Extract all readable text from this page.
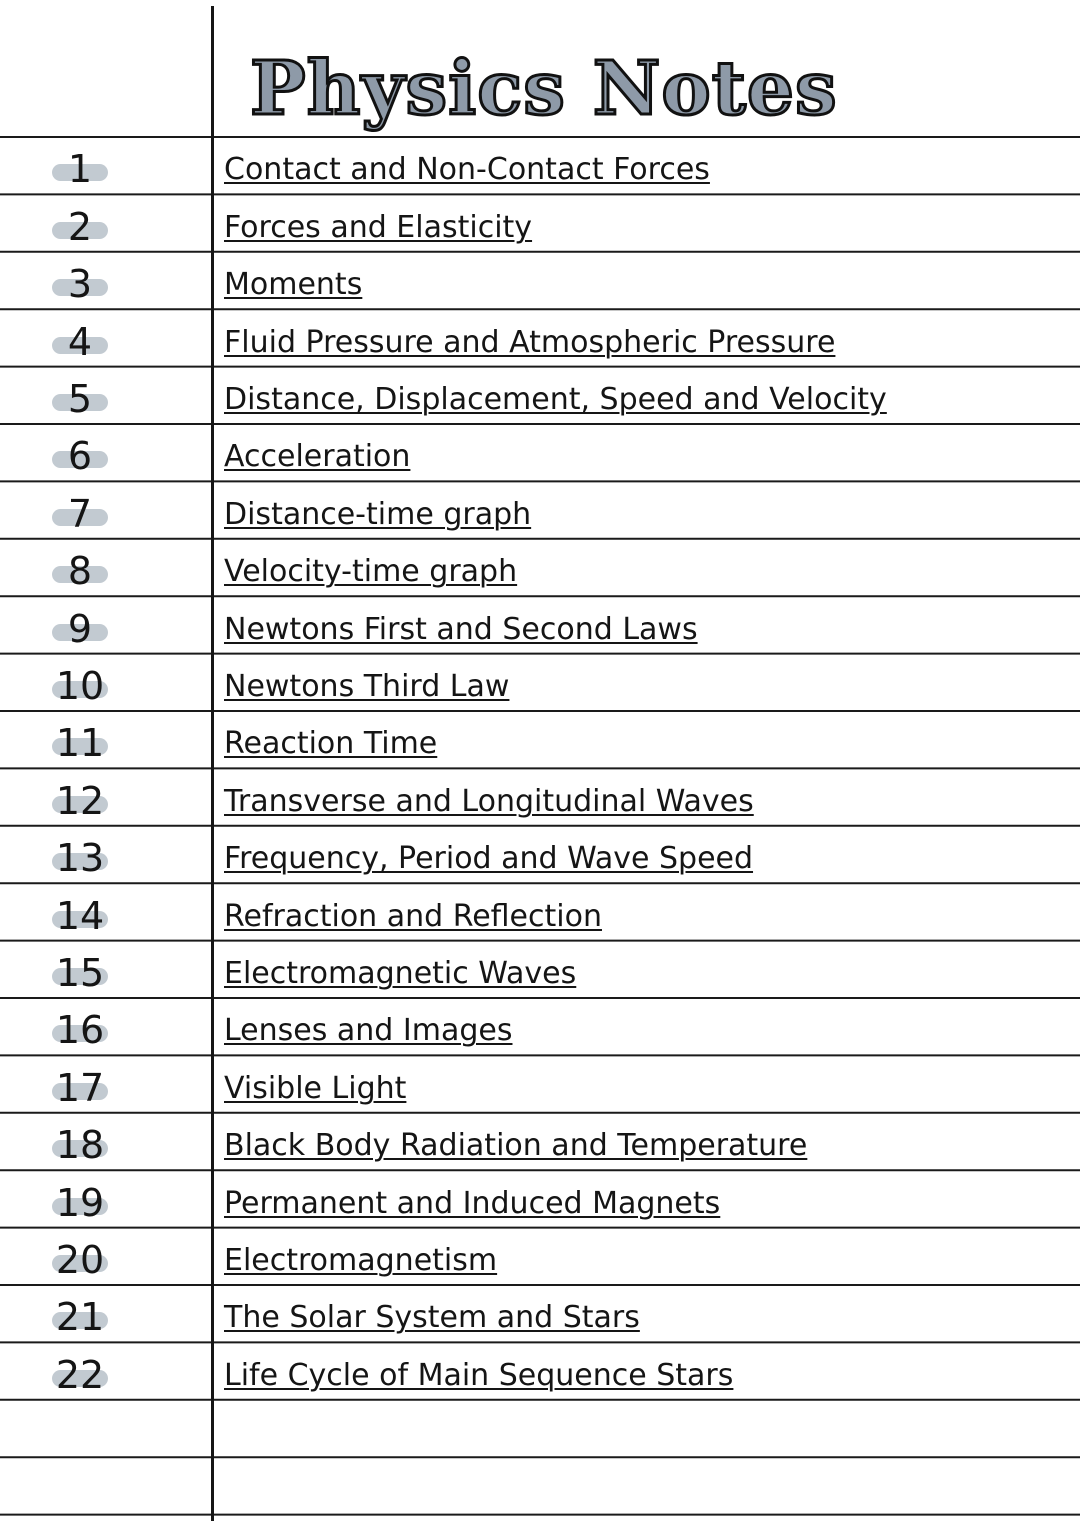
Physics Notes
1	Contact and Non-Contact Forces
2	Forces and Elasticity
3	Moments
4	Fluid Pressure and Atmospheric Pressure
5	Distance, Displacement, Speed and Velocity
6	Acceleration
7	Distance-time graph
8	Velocity-time graph
9	Newtons First and Second Laws
10	Newtons Third Law
11	Reaction Time
12	Transverse and Longitudinal Waves
13	Frequency, Period and Wave Speed
14	Refraction and Reflection
15	Electromagnetic Waves
16	Lenses and Images
17	Visible Light
18	Black Body Radiation and Temperature
19	Permanent and Induced Magnets
20	Electromagnetism
21	The Solar System and Stars
22	Life Cycle of Main Sequence Stars
